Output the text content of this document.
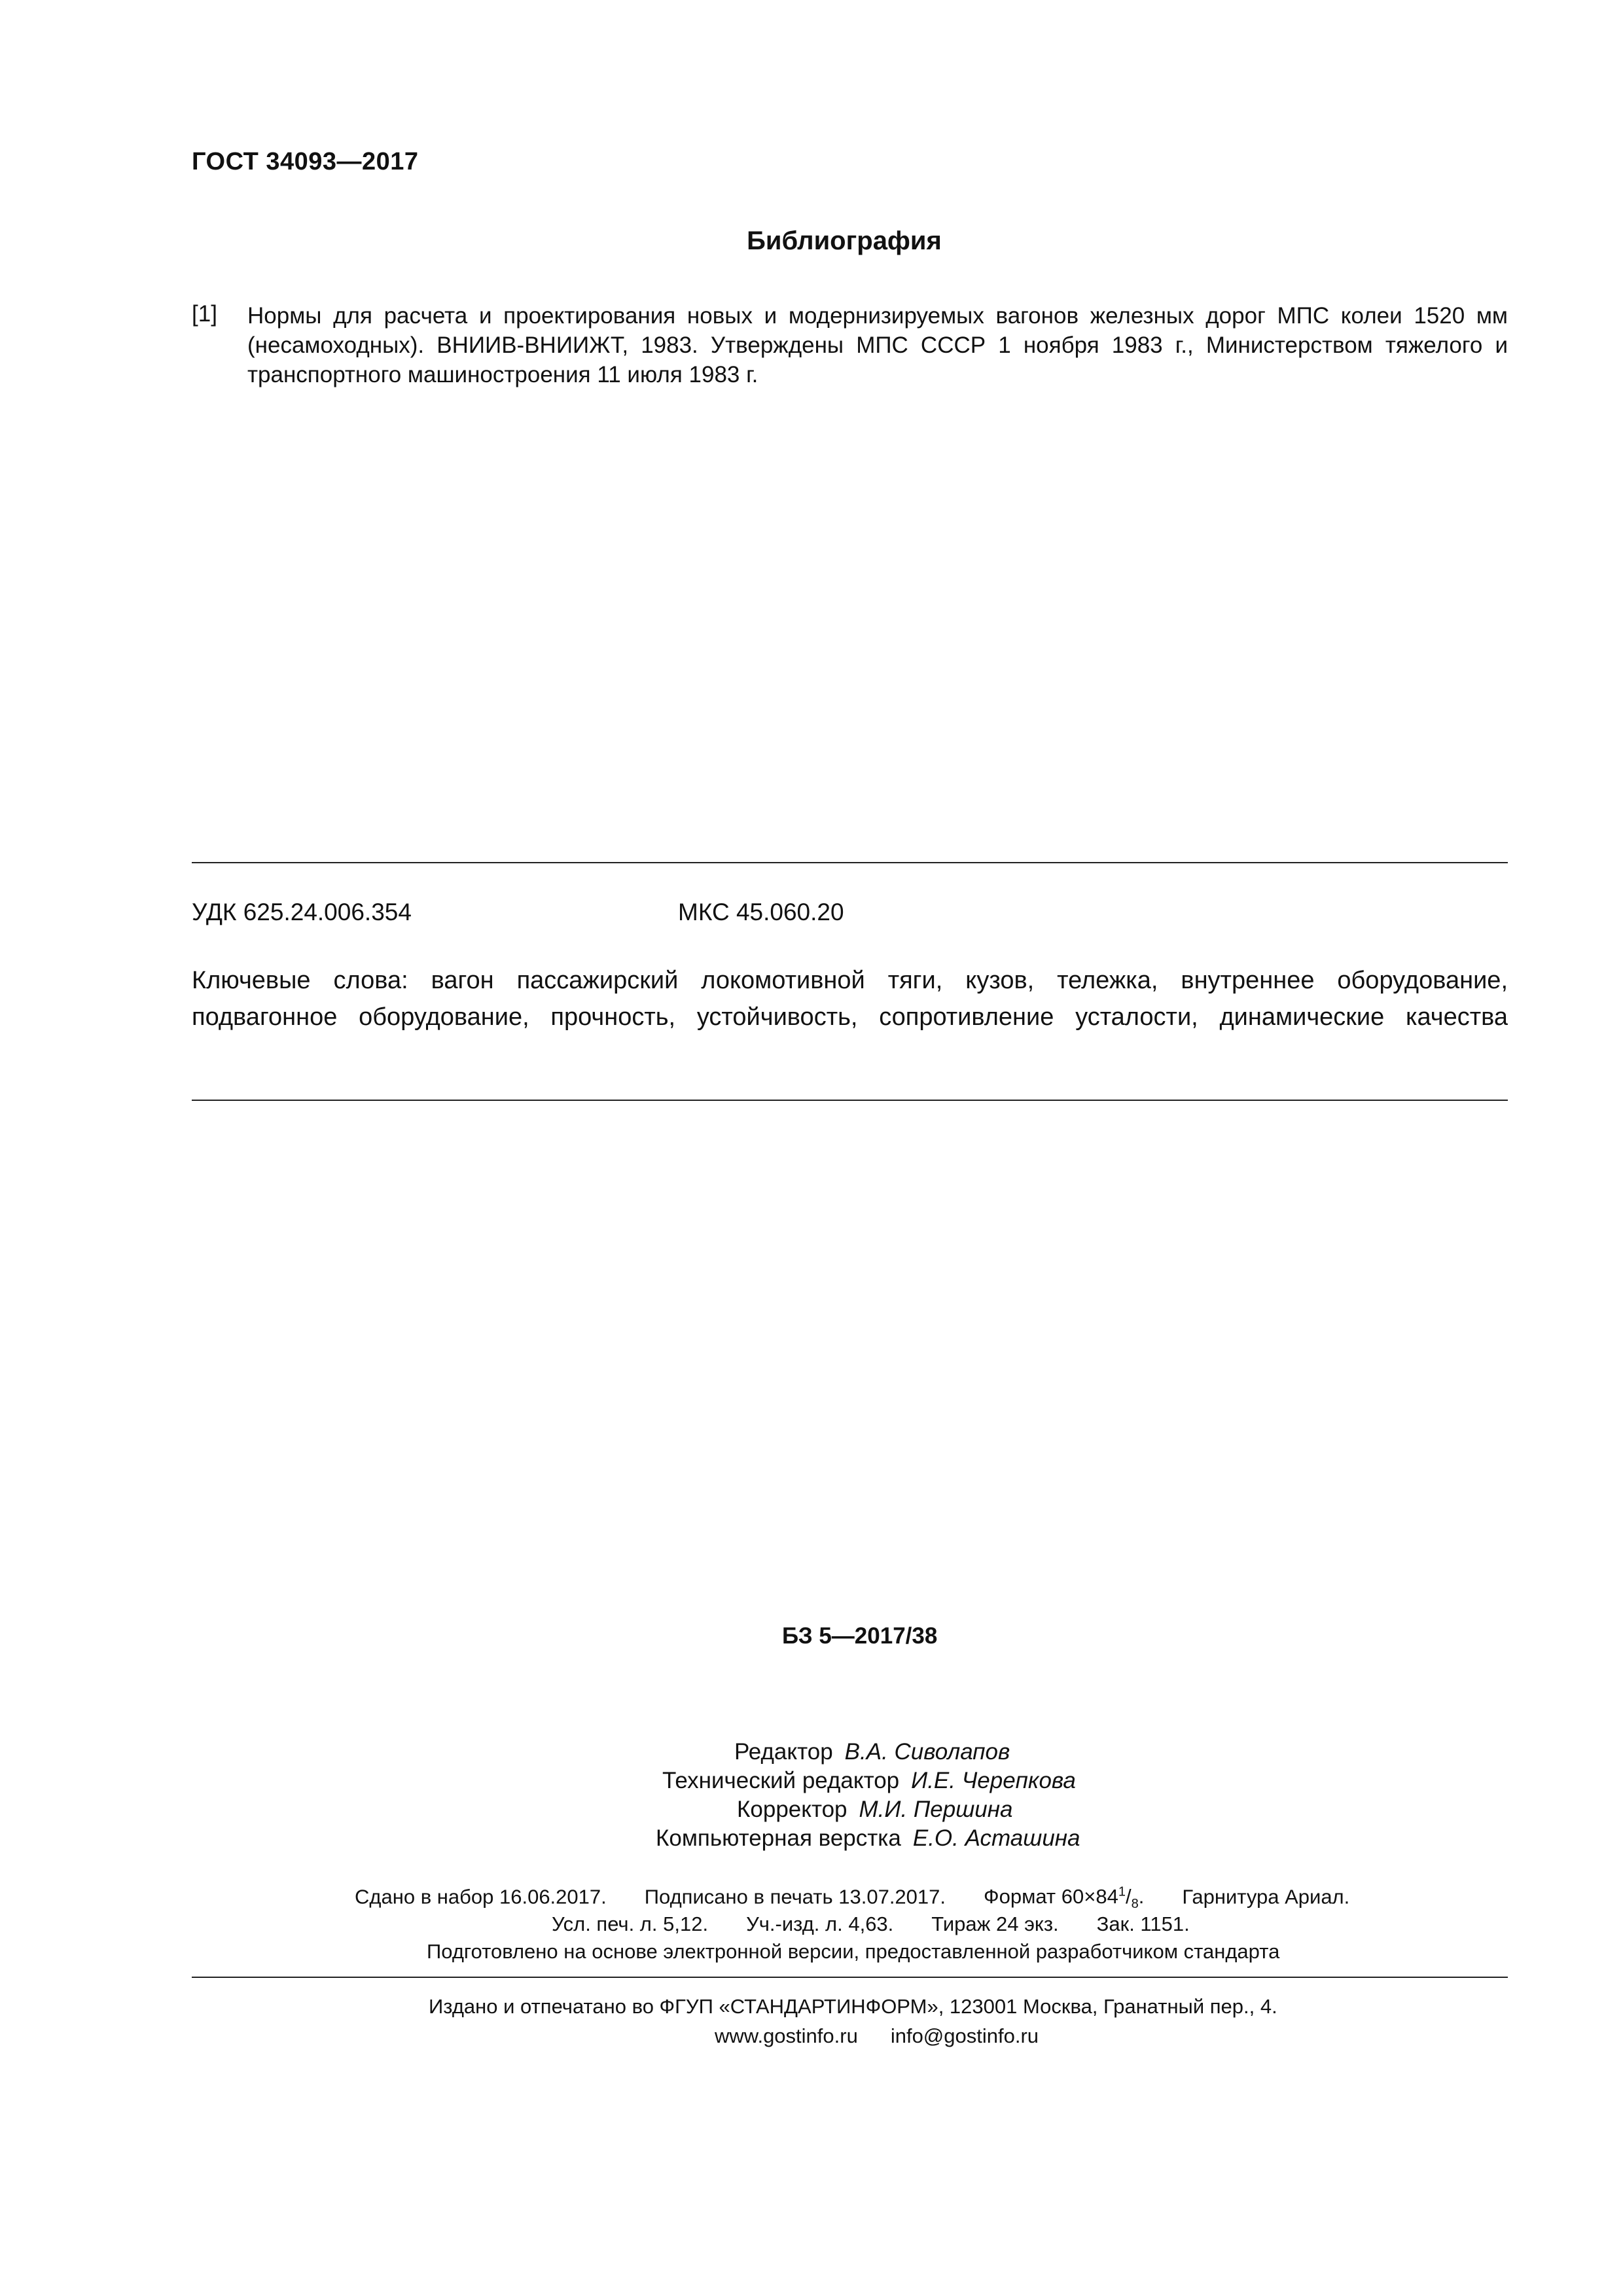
ГОСТ 34093—2017
Библиография
[1] Нормы для расчета и проектирования новых и модернизируемых вагонов железных дорог МПС колеи 1520 мм (несамоходных). ВНИИВ-ВНИИЖТ, 1983. Утверждены МПС СССР 1 ноября 1983 г., Министерством тяжелого и транспортного машиностроения 11 июля 1983 г.
УДК 625.24.006.354	МКС 45.060.20
Ключевые слова: вагон пассажирский локомотивной тяги, кузов, тележка, внутреннее оборудование, подвагонное оборудование, прочность, устойчивость, сопротивление усталости, динамические качества
БЗ 5—2017/38
Редактор В.А. Сиволапов
Технический редактор И.Е. Черепкова
Корректор М.И. Першина
Компьютерная верстка Е.О. Асташина
Сдано в набор 16.06.2017. Подписано в печать 13.07.2017. Формат $60\times 84^1/_8$. Гарнитура Ариал.
Усл. печ. л. 5,12. Уч.-изд. л. 4,63. Тираж 24 экз. Зак. 1151.
Подготовлено на основе электронной версии, предоставленной разработчиком стандарта
Издано и отпечатано во ФГУП «СТАНДАРТИНФОРМ», 123001 Москва, Гранатный пер., 4.
www.gostinfo.ru info@gostinfo.ru
